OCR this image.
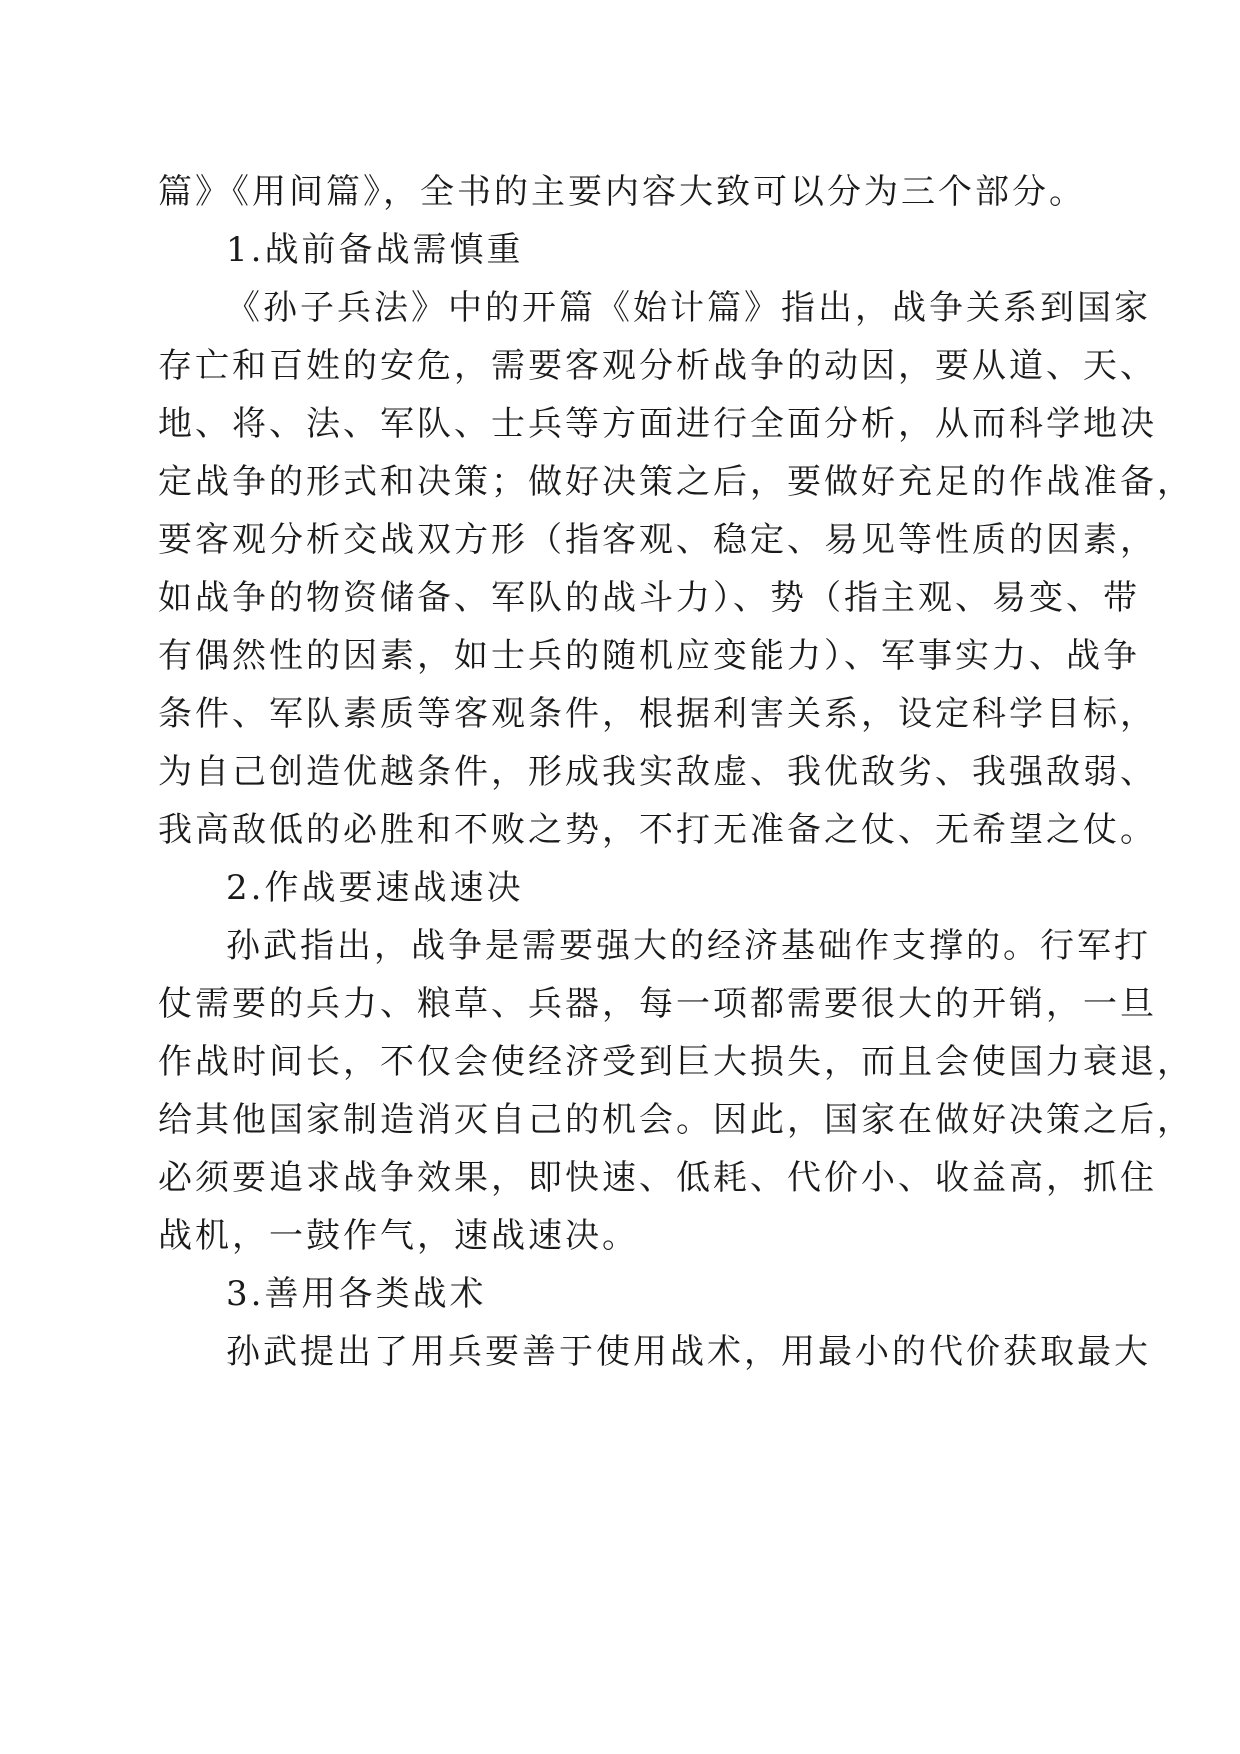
篇》《用间篇》，全书的主要内容大致可以分为三个部分。
1.战前备战需慎重
《孙子兵法》中的开篇《始计篇》指出，战争关系到国家
存亡和百姓的安危，需要客观分析战争的动因，要从道、天、
地、将、法、军队、士兵等方面进行全面分析，从而科学地决
定战争的形式和决策；做好决策之后，要做好充足的作战准备，
要客观分析交战双方形（指客观、稳定、易见等性质的因素，
如战争的物资储备、军队的战斗力）、势（指主观、易变、带
有偶然性的因素，如士兵的随机应变能力）、军事实力、战争
条件、军队素质等客观条件，根据利害关系，设定科学目标，
为自己创造优越条件，形成我实敌虚、我优敌劣、我强敌弱、
我高敌低的必胜和不败之势，不打无准备之仗、无希望之仗。
2.作战要速战速决
孙武指出，战争是需要强大的经济基础作支撑的。行军打
仗需要的兵力、粮草、兵器，每一项都需要很大的开销，一旦
作战时间长，不仅会使经济受到巨大损失，而且会使国力衰退，
给其他国家制造消灭自己的机会。因此，国家在做好决策之后，
必须要追求战争效果，即快速、低耗、代价小、收益高，抓住
战机，一鼓作气，速战速决。
3.善用各类战术
孙武提出了用兵要善于使用战术，用最小的代价获取最大
